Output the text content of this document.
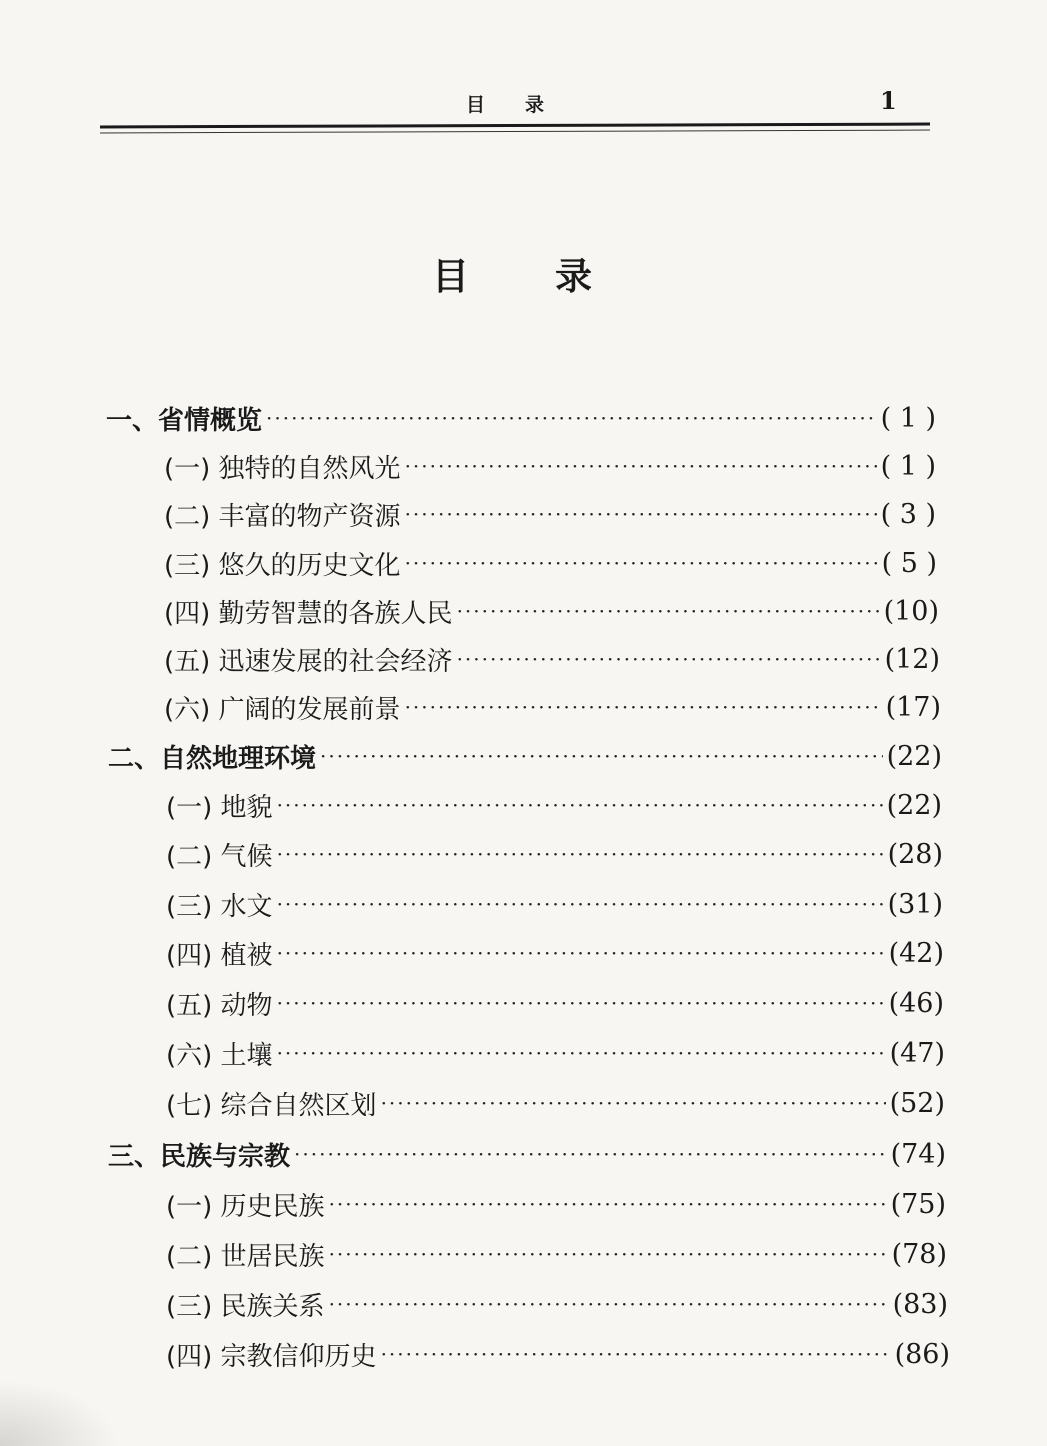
目录	1
目录
一、省情概览 ·····	( 1 )
(一) 独特的自然风光 ·····	( 1 )
(二) 丰富的物产资源 ·····	( 3 )
(三) 悠久的历史文化 ·····	( 5 )
(四) 勤劳智慧的各族人民 ·····	(10)
(五) 迅速发展的社会经济 ·····	(12)
(六) 广阔的发展前景 ·····	(17)
二、自然地理环境 ·····	(22)
(一) 地貌 ·····	(22)
(二) 气候 ·····	(28)
(三) 水文 ·····	(31)
(四) 植被 ·····	(42)
(五) 动物 ·····	(46)
(六) 土壤 ·····	(47)
(七) 综合自然区划 ·····	(52)
三、民族与宗教 ·····	(74)
(一) 历史民族 ·····	(75)
(二) 世居民族 ·····	(78)
(三) 民族关系 ·····	(83)
(四) 宗教信仰历史 ·····	(86)
